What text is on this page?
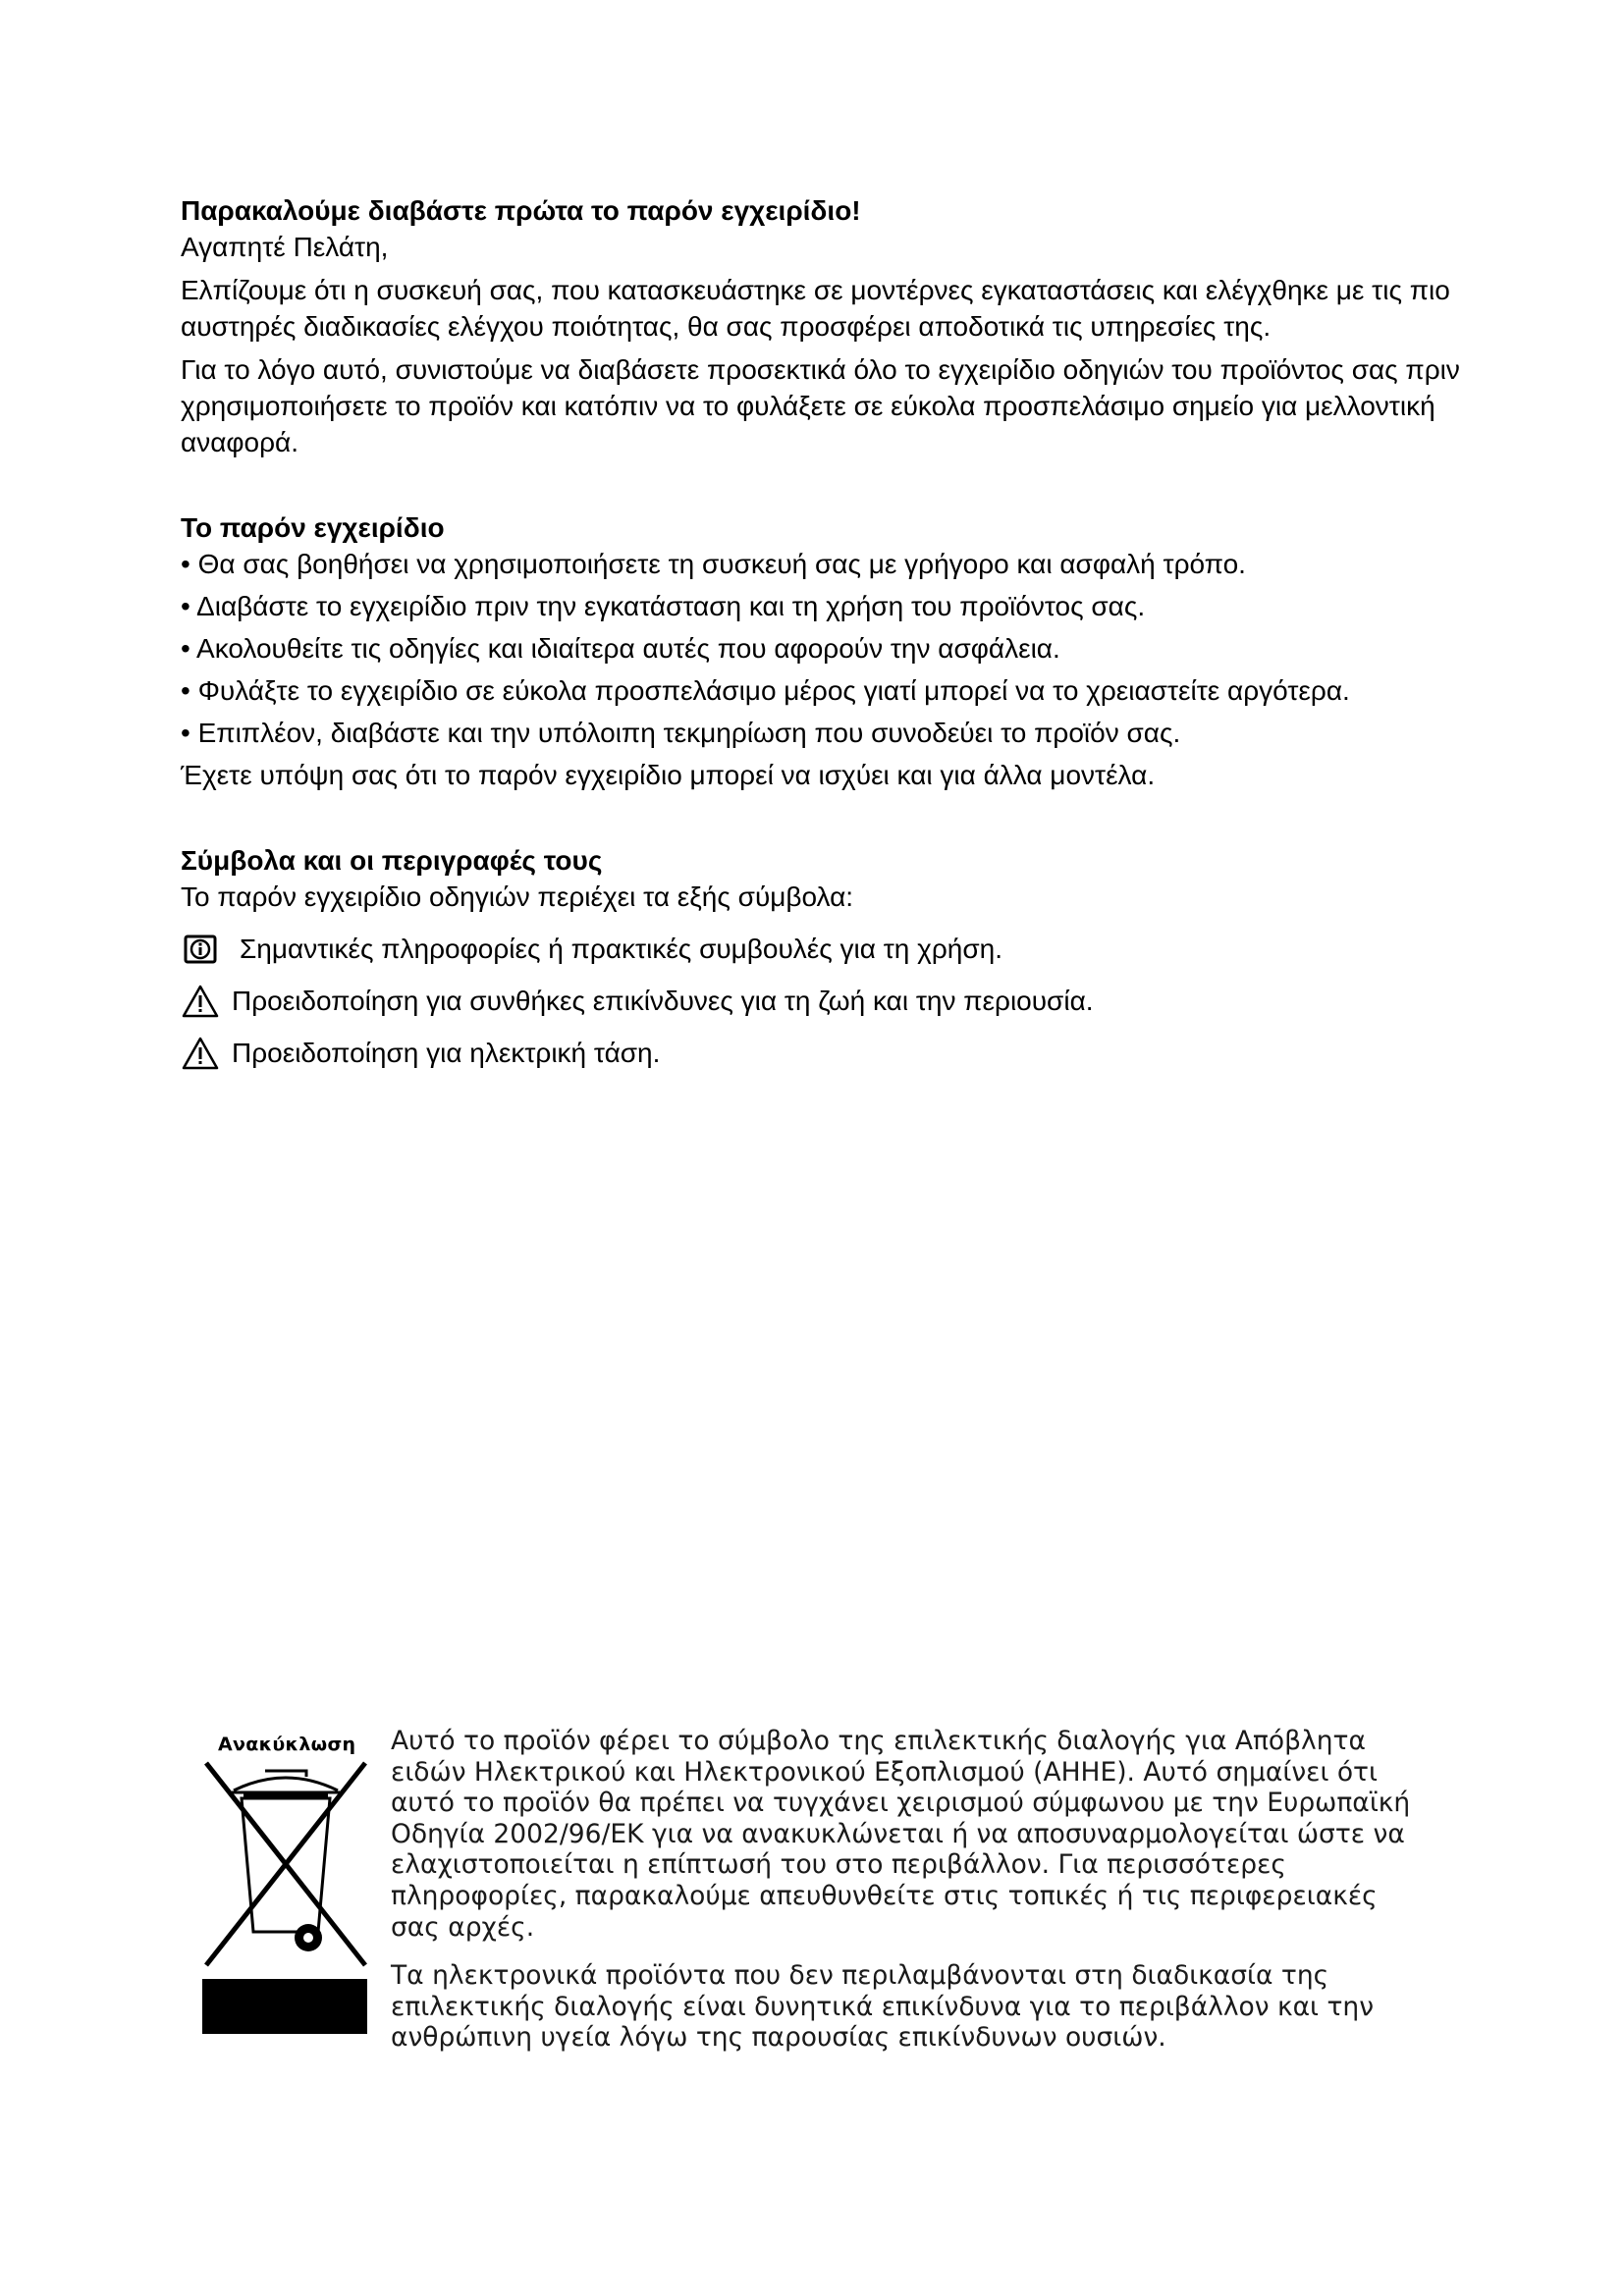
Παρακαλούμε διαβάστε πρώτα το παρόν εγχειρίδιο!

Αγαπητέ Πελάτη,

Ελπίζουμε ότι η συσκευή σας, που κατασκευάστηκε σε μοντέρνες εγκαταστάσεις και ελέγχθηκε με τις πιο αυστηρές διαδικασίες ελέγχου ποιότητας, θα σας προσφέρει αποδοτικά τις υπηρεσίες της.

Για το λόγο αυτό, συνιστούμε να διαβάσετε προσεκτικά όλο το εγχειρίδιο οδηγιών του προϊόντος σας πριν χρησιμοποιήσετε το προϊόν και κατόπιν να το φυλάξετε σε εύκολα προσπελάσιμο σημείο για μελλοντική αναφορά.

Το παρόν εγχειρίδιο

• Θα σας βοηθήσει να χρησιμοποιήσετε τη συσκευή σας με γρήγορο και ασφαλή τρόπο.

• Διαβάστε το εγχειρίδιο πριν την εγκατάσταση και τη χρήση του προϊόντος σας.

• Ακολουθείτε τις οδηγίες και ιδιαίτερα αυτές που αφορούν την ασφάλεια.

• Φυλάξτε το εγχειρίδιο σε εύκολα προσπελάσιμο μέρος γιατί μπορεί να το χρειαστείτε αργότερα.

• Επιπλέον, διαβάστε και την υπόλοιπη τεκμηρίωση που συνοδεύει το προϊόν σας.

Έχετε υπόψη σας ότι το παρόν εγχειρίδιο μπορεί να ισχύει και για άλλα μοντέλα.

Σύμβολα και οι περιγραφές τους

Το παρόν εγχειρίδιο οδηγιών περιέχει τα εξής σύμβολα:

Σημαντικές πληροφορίες ή πρακτικές συμβουλές για τη χρήση.
Προειδοποίηση για συνθήκες επικίνδυνες για τη ζωή και την περιουσία.
Προειδοποίηση για ηλεκτρική τάση.
Ανακύκλωση Αυτό το προϊόν φέρει το σύμβολο της επιλεκτικής διαλογής για Απόβλητα ειδών Ηλεκτρικού και Ηλεκτρονικού Εξοπλισμού (ΑΗΗΕ). Αυτό σημαίνει ότι αυτό το προϊόν θα πρέπει να τυγχάνει χειρισμού σύμφωνου με την Ευρωπαϊκή Οδηγία 2002/96/ΕΚ για να ανακυκλώνεται ή να αποσυναρμολογείται ώστε να ελαχιστοποιείται η επίπτωσή του στο περιβάλλον. Για περισσότερες πληροφορίες, παρακαλούμε απευθυνθείτε στις τοπικές ή τις περιφερειακές σας αρχές.

Τα ηλεκτρονικά προϊόντα που δεν περιλαμβάνονται στη διαδικασία της επιλεκτικής διαλογής είναι δυνητικά επικίνδυνα για το περιβάλλον και την ανθρώπινη υγεία λόγω της παρουσίας επικίνδυνων ουσιών.
